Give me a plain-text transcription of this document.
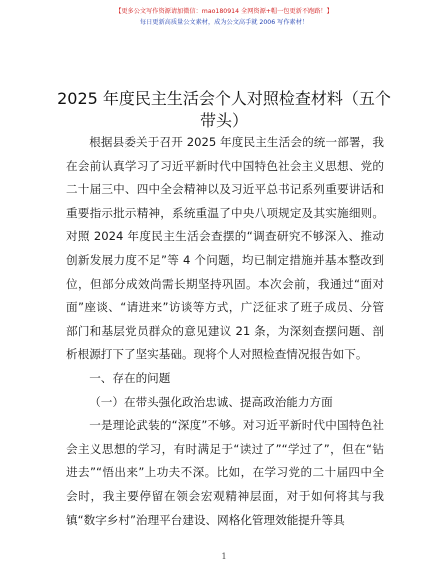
【更多公文写作资源请加微信：mao180914 全网资源+帽一包更新不跑路！】
每日更新高质量公文素材，成为公文高手就 2006 写作素材！
2025 年度民主生活会个人对照检查材料（五个带头）

根据县委关于召开 2025 年度民主生活会的统一部署，我在会前认真学习了习近平新时代中国特色社会主义思想、党的二十届三中、四中全会精神以及习近平总书记系列重要讲话和重要指示批示精神，系统重温了中央八项规定及其实施细则。对照 2024 年度民主生活会查摆的“调查研究不够深入、推动创新发展力度不足”等 4 个问题，均已制定措施并基本整改到位，但部分成效尚需长期坚持巩固。本次会前，我通过“面对面”座谈、“请进来”访谈等方式，广泛征求了班子成员、分管部门和基层党员群众的意见建议 21 条，为深刻查摆问题、剖析根源打下了坚实基础。现将个人对照检查情况报告如下。

一、存在的问题

（一）在带头强化政治忠诚、提高政治能力方面

一是理论武装的“深度”不够。对习近平新时代中国特色社会主义思想的学习，有时满足于“读过了”“学过了”，但在“钻进去”“悟出来”上功夫不深。比如，在学习党的二十届四中全会时，我主要停留在领会宏观精神层面，对于如何将其与我镇“数字乡村”治理平台建设、网格化管理效能提升等具

1
